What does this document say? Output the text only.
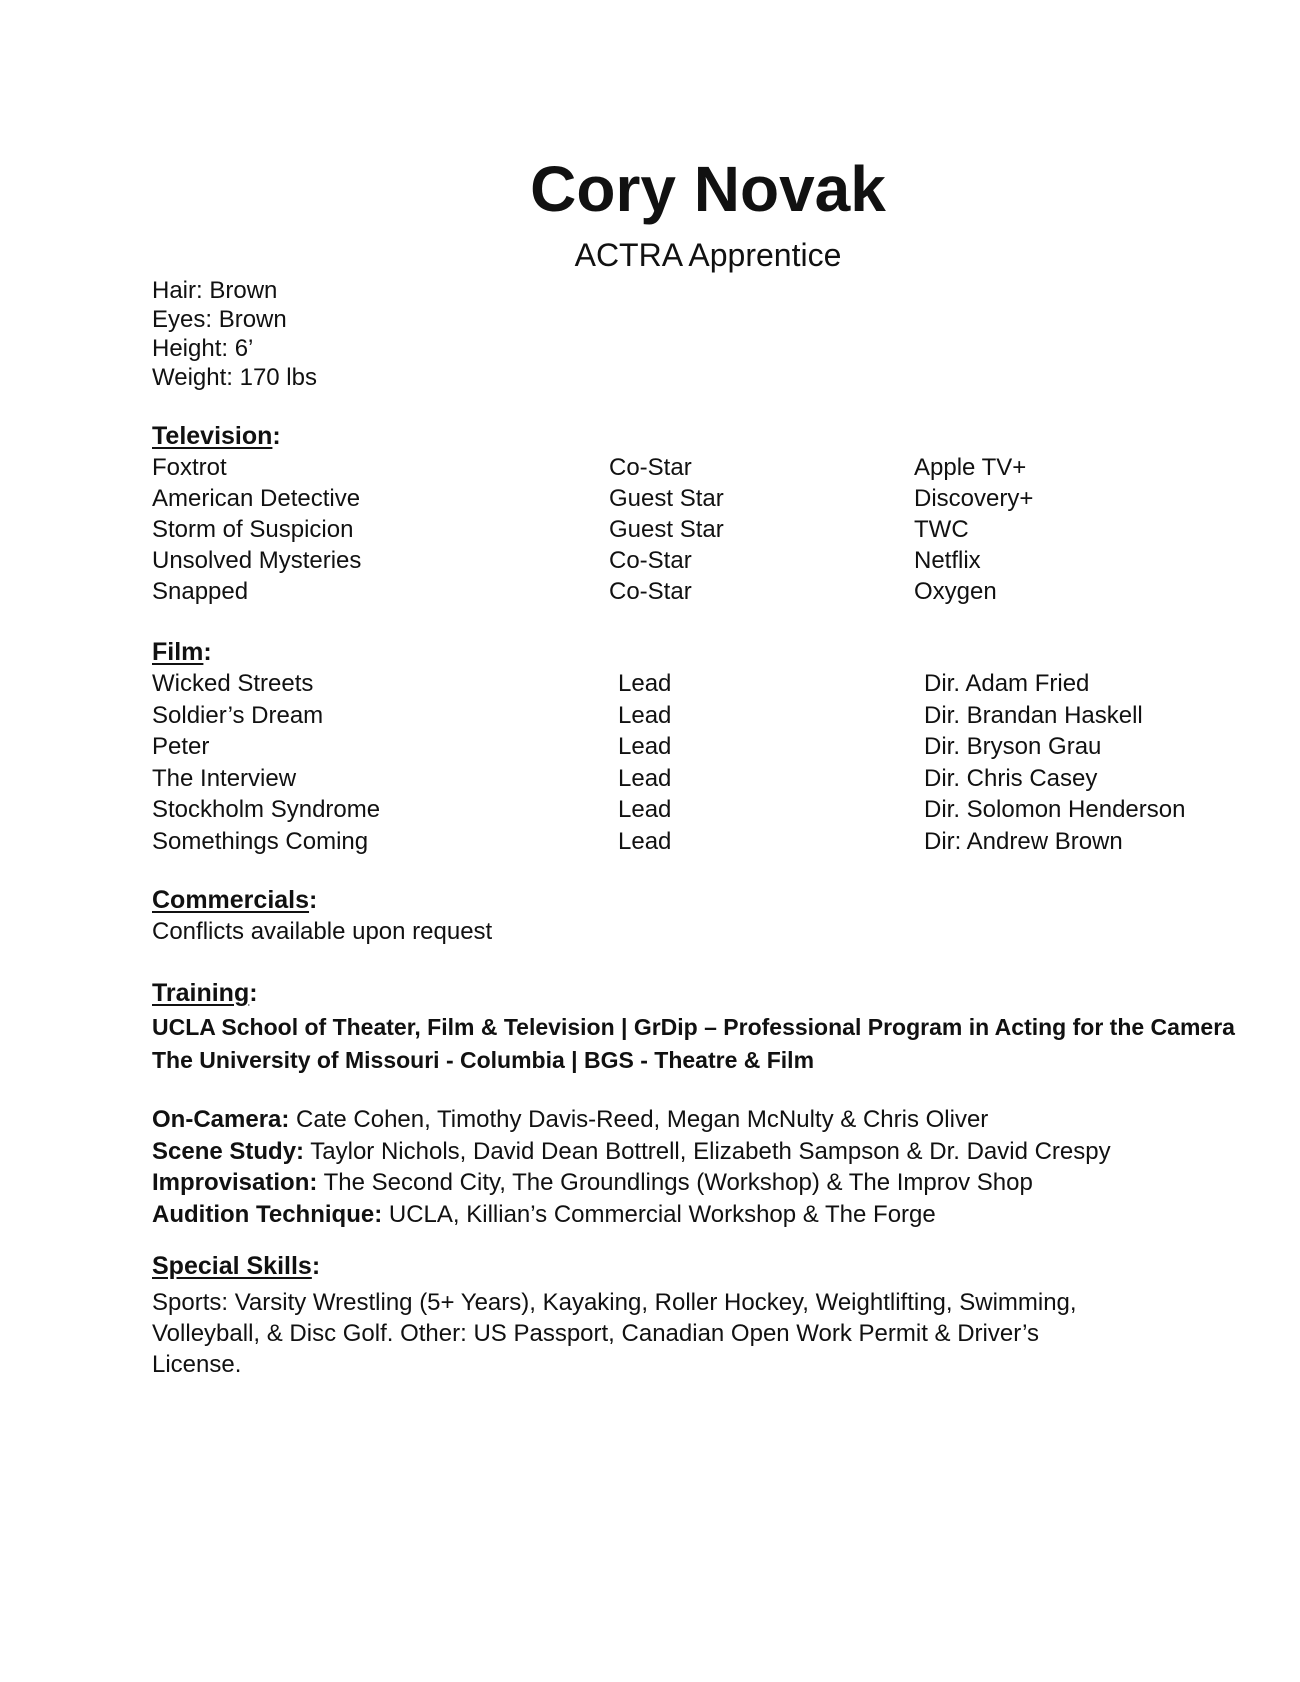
Cory Novak
ACTRA Apprentice
Hair: Brown
Eyes: Brown
Height: 6’
Weight: 170 lbs
Television:
Foxtrot	Co-Star	Apple TV+
American Detective	Guest Star	Discovery+
Storm of Suspicion	Guest Star	TWC
Unsolved Mysteries	Co-Star	Netflix
Snapped	Co-Star	Oxygen
Film:
Wicked Streets	Lead	Dir. Adam Fried
Soldier’s Dream	Lead	Dir. Brandan Haskell
Peter	Lead	Dir. Bryson Grau
The Interview	Lead	Dir. Chris Casey
Stockholm Syndrome	Lead	Dir. Solomon Henderson
Somethings Coming	Lead	Dir: Andrew Brown
Commercials:
Conflicts available upon request
Training:
UCLA School of Theater, Film & Television | GrDip – Professional Program in Acting for the Camera
The University of Missouri - Columbia | BGS - Theatre & Film
On-Camera: Cate Cohen, Timothy Davis-Reed, Megan McNulty & Chris Oliver
Scene Study: Taylor Nichols, David Dean Bottrell, Elizabeth Sampson & Dr. David Crespy
Improvisation: The Second City, The Groundlings (Workshop) & The Improv Shop
Audition Technique: UCLA, Killian’s Commercial Workshop & The Forge
Special Skills:
Sports: Varsity Wrestling (5+ Years), Kayaking, Roller Hockey, Weightlifting, Swimming, Volleyball, & Disc Golf. Other: US Passport, Canadian Open Work Permit & Driver’s License.
